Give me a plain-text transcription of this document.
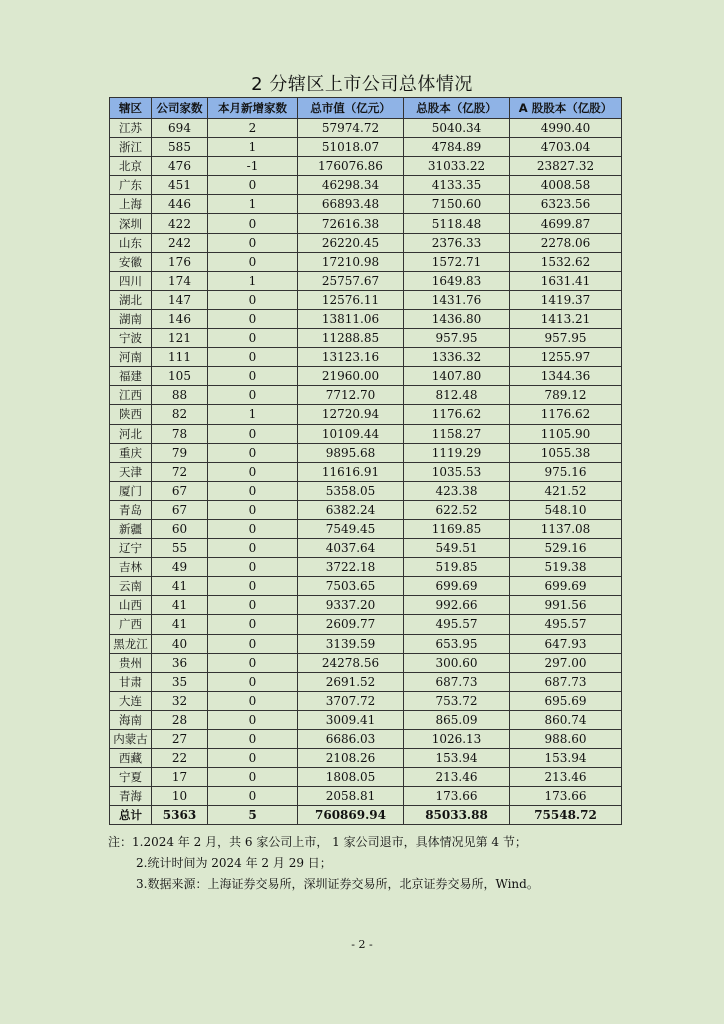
2 分辖区上市公司总体情况
辖区	公司家数	本月新增家数	总市值（亿元）	总股本（亿股）	A 股股本（亿股）
江苏	694	2	57974.72	5040.34	4990.40
浙江	585	1	51018.07	4784.89	4703.04
北京	476	-1	176076.86	31033.22	23827.32
广东	451	0	46298.34	4133.35	4008.58
上海	446	1	66893.48	7150.60	6323.56
深圳	422	0	72616.38	5118.48	4699.87
山东	242	0	26220.45	2376.33	2278.06
安徽	176	0	17210.98	1572.71	1532.62
四川	174	1	25757.67	1649.83	1631.41
湖北	147	0	12576.11	1431.76	1419.37
湖南	146	0	13811.06	1436.80	1413.21
宁波	121	0	11288.85	957.95	957.95
河南	111	0	13123.16	1336.32	1255.97
福建	105	0	21960.00	1407.80	1344.36
江西	88	0	7712.70	812.48	789.12
陕西	82	1	12720.94	1176.62	1176.62
河北	78	0	10109.44	1158.27	1105.90
重庆	79	0	9895.68	1119.29	1055.38
天津	72	0	11616.91	1035.53	975.16
厦门	67	0	5358.05	423.38	421.52
青岛	67	0	6382.24	622.52	548.10
新疆	60	0	7549.45	1169.85	1137.08
辽宁	55	0	4037.64	549.51	529.16
吉林	49	0	3722.18	519.85	519.38
云南	41	0	7503.65	699.69	699.69
山西	41	0	9337.20	992.66	991.56
广西	41	0	2609.77	495.57	495.57
黑龙江	40	0	3139.59	653.95	647.93
贵州	36	0	24278.56	300.60	297.00
甘肃	35	0	2691.52	687.73	687.73
大连	32	0	3707.72	753.72	695.69
海南	28	0	3009.41	865.09	860.74
内蒙古	27	0	6686.03	1026.13	988.60
西藏	22	0	2108.26	153.94	153.94
宁夏	17	0	1808.05	213.46	213.46
青海	10	0	2058.81	173.66	173.66
总计	5363	5	760869.94	85033.88	75548.72
注：1.2024 年 2 月，共 6 家公司上市， 1 家公司退市，具体情况见第 4 节；
2.统计时间为 2024 年 2 月 29 日；
3.数据来源：上海证券交易所，深圳证券交易所，北京证券交易所，Wind。
- 2 -
